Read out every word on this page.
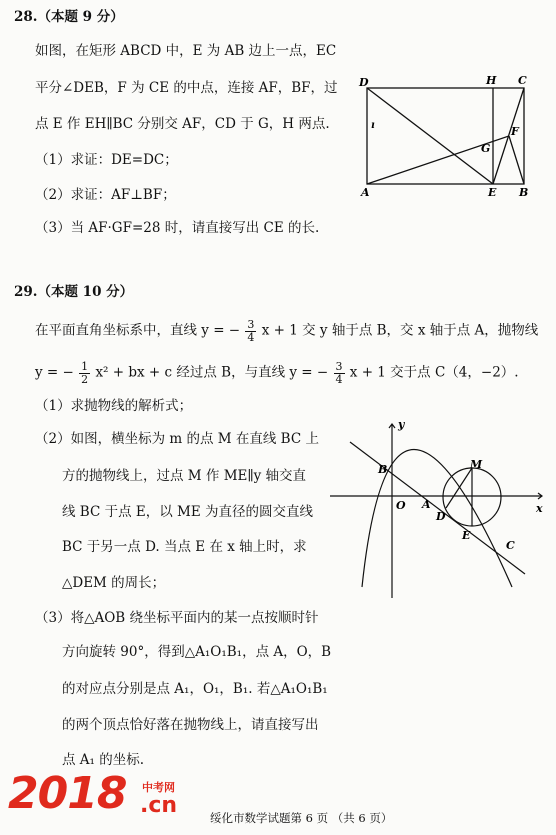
28.（本题 9 分）
如图，在矩形 ABCD 中，E 为 AB 边上一点，EC
平分∠DEB，F 为 CE 的中点，连接 AF，BF，过
点 E 作 EH∥BC 分别交 AF，CD 于 G，H 两点.
（1）求证：DE=DC；
（2）求证：AF⊥BF；
（3）当 AF·GF=28 时，请直接写出 CE 的长.
D	H C
F
G
A	E B
ı
29.（本题 10 分）
在平面直角坐标系中，直线 y = − $\frac{3}{4}$ x + 1 交 y 轴于点 B，交 x 轴于点 A，抛物线
y = − $\frac{1}{2} x^2$ + bx + c 经过点 B，与直线 y = − $\frac{3}{4}$ x + 1 交于点 C（4，−2）.
（1）求抛物线的解析式；
（2）如图，横坐标为 m 的点 M 在直线 BC 上
方的抛物线上，过点 M 作 ME∥y 轴交直
线 BC 于点 E，以 ME 为直径的圆交直线
BC 于另一点 D. 当点 E 在 x 轴上时，求
△DEM 的周长；
（3）将△AOB 绕坐标平面内的某一点按顺时针
方向旋转 90°，得到△A₁O₁B₁，点 A，O，B
的对应点分别是点 A₁，O₁，B₁. 若△A₁O₁B₁
的两个顶点恰好落在抛物线上，请直接写出
点 A₁ 的坐标.
y
x
B	M
O A
D
E
C
2018 中考网
.cn	绥化市数学试题第 6 页 （共 6 页）
